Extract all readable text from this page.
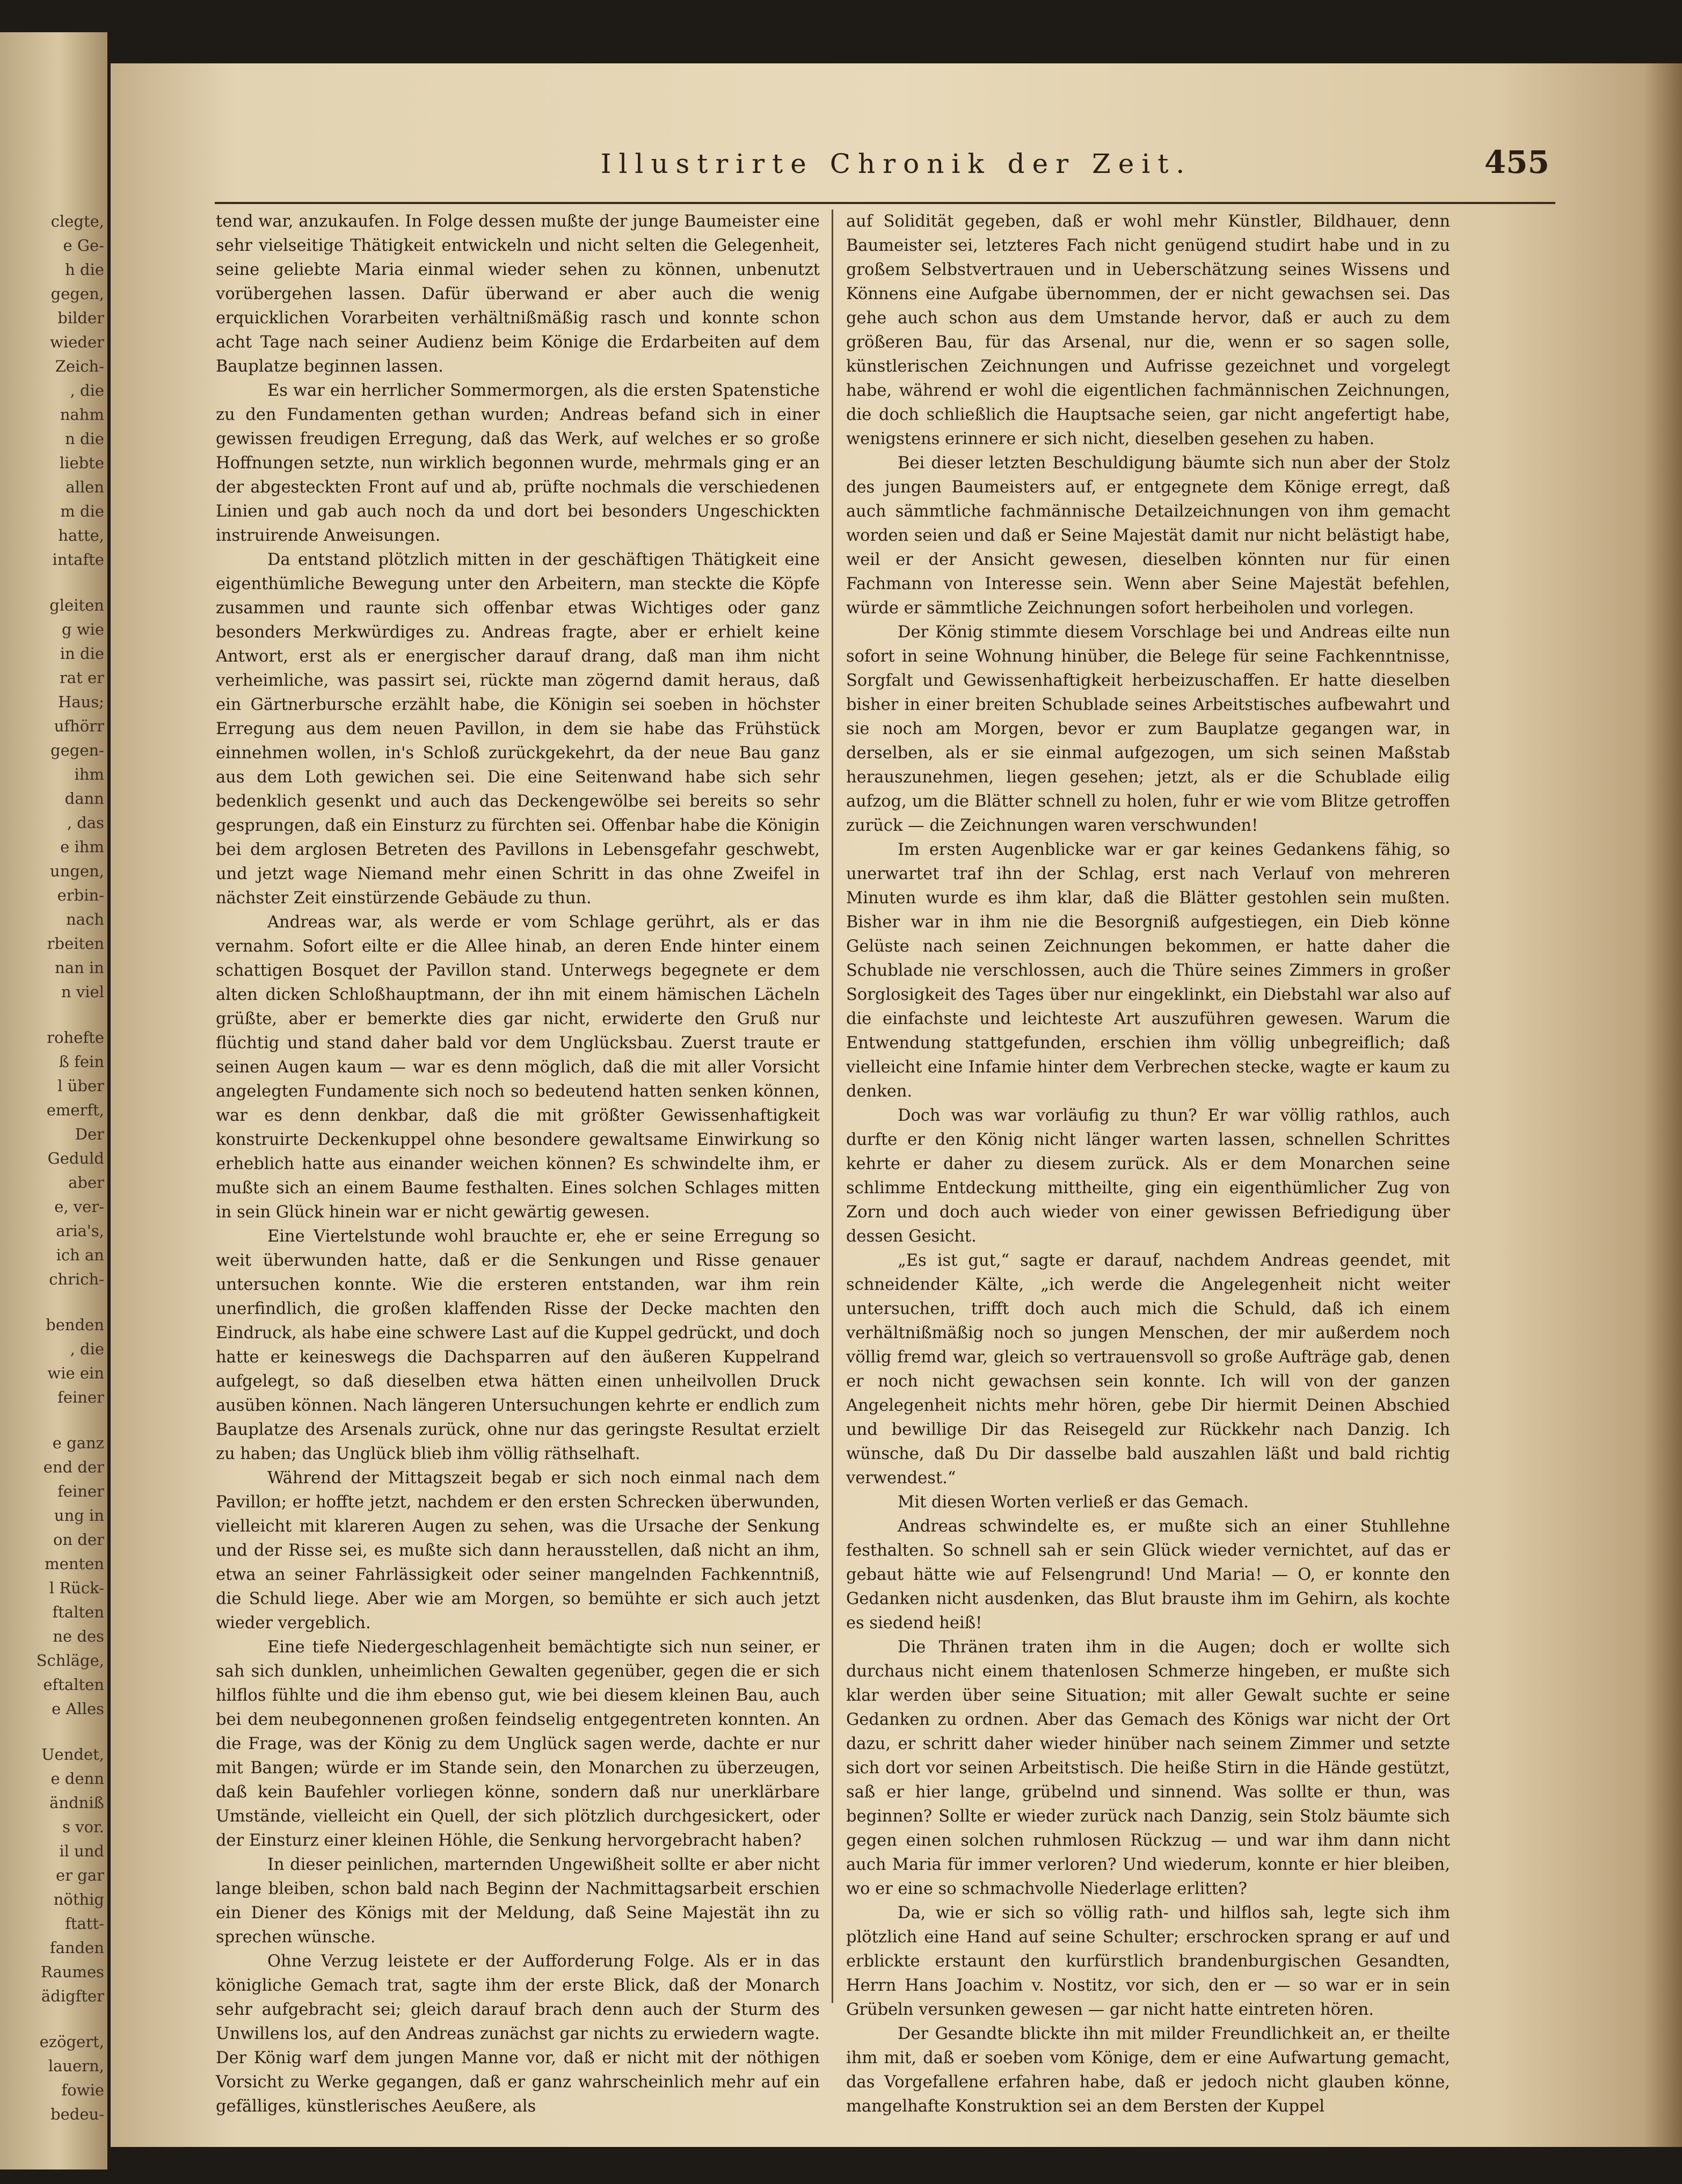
clegte,
e Ge-
h die
gegen,
bilder
wieder
Zeich-
, die
nahm
n die
liebte
allen
m die
hatte,
intafte
gleiten
g wie
in die
rat er
Haus;
ufhörr
gegen-
ihm
dann
, das
e ihm
ungen,
erbin-
nach
rbeiten
nan in
n viel
rohefte
ß fein
l über
emerft,
Der
Geduld
aber
e, ver-
aria's,
ich an
chrich-
benden
, die
wie ein
feiner
e ganz
end der
feiner
ung in
on der
menten
l Rück-
ftalten
ne des
Schläge,
eftalten
e Alles
Uendet,
e denn
ändniß
s vor.
il und
er gar
nöthig
ftatt-
fanden
Raumes
ädigfter
ezögert,
lauern,
fowie
bedeu-
Illustrirte Chronik der Zeit.	455

tend war, anzukaufen. In Folge dessen mußte der junge Baumeister eine sehr vielseitige Thätigkeit entwickeln und nicht selten die Gelegenheit, seine geliebte Maria einmal wieder sehen zu können, unbenutzt vorübergehen lassen. Dafür überwand er aber auch die wenig erquicklichen Vorarbeiten verhältnißmäßig rasch und konnte schon acht Tage nach seiner Audienz beim Könige die Erdarbeiten auf dem Bauplatze beginnen lassen.

Es war ein herrlicher Sommermorgen, als die ersten Spatenstiche zu den Fundamenten gethan wurden; Andreas befand sich in einer gewissen freudigen Erregung, daß das Werk, auf welches er so große Hoffnungen setzte, nun wirklich begonnen wurde, mehrmals ging er an der abgesteckten Front auf und ab, prüfte nochmals die verschiedenen Linien und gab auch noch da und dort bei besonders Ungeschickten instruirende Anweisungen.

Da entstand plötzlich mitten in der geschäftigen Thätigkeit eine eigenthümliche Bewegung unter den Arbeitern, man steckte die Köpfe zusammen und raunte sich offenbar etwas Wichtiges oder ganz besonders Merkwürdiges zu. Andreas fragte, aber er erhielt keine Antwort, erst als er energischer darauf drang, daß man ihm nicht verheimliche, was passirt sei, rückte man zögernd damit heraus, daß ein Gärtnerbursche erzählt habe, die Königin sei soeben in höchster Erregung aus dem neuen Pavillon, in dem sie habe das Frühstück einnehmen wollen, in's Schloß zurückgekehrt, da der neue Bau ganz aus dem Loth gewichen sei. Die eine Seitenwand habe sich sehr bedenklich gesenkt und auch das Deckengewölbe sei bereits so sehr gesprungen, daß ein Einsturz zu fürchten sei. Offenbar habe die Königin bei dem arglosen Betreten des Pavillons in Lebensgefahr geschwebt, und jetzt wage Niemand mehr einen Schritt in das ohne Zweifel in nächster Zeit einstürzende Gebäude zu thun.

Andreas war, als werde er vom Schlage gerührt, als er das vernahm. Sofort eilte er die Allee hinab, an deren Ende hinter einem schattigen Bosquet der Pavillon stand. Unterwegs begegnete er dem alten dicken Schloßhauptmann, der ihn mit einem hämischen Lächeln grüßte, aber er bemerkte dies gar nicht, erwiderte den Gruß nur flüchtig und stand daher bald vor dem Unglücksbau. Zuerst traute er seinen Augen kaum — war es denn möglich, daß die mit aller Vorsicht angelegten Fundamente sich noch so bedeutend hatten senken können, war es denn denkbar, daß die mit größter Gewissenhaftigkeit konstruirte Deckenkuppel ohne besondere gewaltsame Einwirkung so erheblich hatte aus einander weichen können? Es schwindelte ihm, er mußte sich an einem Baume festhalten. Eines solchen Schlages mitten in sein Glück hinein war er nicht gewärtig gewesen.

Eine Viertelstunde wohl brauchte er, ehe er seine Erregung so weit überwunden hatte, daß er die Senkungen und Risse genauer untersuchen konnte. Wie die ersteren entstanden, war ihm rein unerfindlich, die großen klaffenden Risse der Decke machten den Eindruck, als habe eine schwere Last auf die Kuppel gedrückt, und doch hatte er keineswegs die Dachsparren auf den äußeren Kuppelrand aufgelegt, so daß dieselben etwa hätten einen unheilvollen Druck ausüben können. Nach längeren Untersuchungen kehrte er endlich zum Bauplatze des Arsenals zurück, ohne nur das geringste Resultat erzielt zu haben; das Unglück blieb ihm völlig räthselhaft.

Während der Mittagszeit begab er sich noch einmal nach dem Pavillon; er hoffte jetzt, nachdem er den ersten Schrecken überwunden, vielleicht mit klareren Augen zu sehen, was die Ursache der Senkung und der Risse sei, es mußte sich dann herausstellen, daß nicht an ihm, etwa an seiner Fahrlässigkeit oder seiner mangelnden Fachkenntniß, die Schuld liege. Aber wie am Morgen, so bemühte er sich auch jetzt wieder vergeblich.

Eine tiefe Niedergeschlagenheit bemächtigte sich nun seiner, er sah sich dunklen, unheimlichen Gewalten gegenüber, gegen die er sich hilflos fühlte und die ihm ebenso gut, wie bei diesem kleinen Bau, auch bei dem neubegonnenen großen feindselig entgegentreten konnten. An die Frage, was der König zu dem Unglück sagen werde, dachte er nur mit Bangen; würde er im Stande sein, den Monarchen zu überzeugen, daß kein Baufehler vorliegen könne, sondern daß nur unerklärbare Umstände, vielleicht ein Quell, der sich plötzlich durchgesickert, oder der Einsturz einer kleinen Höhle, die Senkung hervorgebracht haben?

In dieser peinlichen, marternden Ungewißheit sollte er aber nicht lange bleiben, schon bald nach Beginn der Nachmittagsarbeit erschien ein Diener des Königs mit der Meldung, daß Seine Majestät ihn zu sprechen wünsche.

Ohne Verzug leistete er der Aufforderung Folge. Als er in das königliche Gemach trat, sagte ihm der erste Blick, daß der Monarch sehr aufgebracht sei; gleich darauf brach denn auch der Sturm des Unwillens los, auf den Andreas zunächst gar nichts zu erwiedern wagte. Der König warf dem jungen Manne vor, daß er nicht mit der nöthigen Vorsicht zu Werke gegangen, daß er ganz wahrscheinlich mehr auf ein gefälliges, künstlerisches Aeußere, als

auf Solidität gegeben, daß er wohl mehr Künstler, Bildhauer, denn Baumeister sei, letzteres Fach nicht genügend studirt habe und in zu großem Selbstvertrauen und in Ueberschätzung seines Wissens und Könnens eine Aufgabe übernommen, der er nicht gewachsen sei. Das gehe auch schon aus dem Umstande hervor, daß er auch zu dem größeren Bau, für das Arsenal, nur die, wenn er so sagen solle, künstlerischen Zeichnungen und Aufrisse gezeichnet und vorgelegt habe, während er wohl die eigentlichen fachmännischen Zeichnungen, die doch schließlich die Hauptsache seien, gar nicht angefertigt habe, wenigstens erinnere er sich nicht, dieselben gesehen zu haben.

Bei dieser letzten Beschuldigung bäumte sich nun aber der Stolz des jungen Baumeisters auf, er entgegnete dem Könige erregt, daß auch sämmtliche fachmännische Detailzeichnungen von ihm gemacht worden seien und daß er Seine Majestät damit nur nicht belästigt habe, weil er der Ansicht gewesen, dieselben könnten nur für einen Fachmann von Interesse sein. Wenn aber Seine Majestät befehlen, würde er sämmtliche Zeichnungen sofort herbeiholen und vorlegen.

Der König stimmte diesem Vorschlage bei und Andreas eilte nun sofort in seine Wohnung hinüber, die Belege für seine Fachkenntnisse, Sorgfalt und Gewissenhaftigkeit herbeizuschaffen. Er hatte dieselben bisher in einer breiten Schublade seines Arbeitstisches aufbewahrt und sie noch am Morgen, bevor er zum Bauplatze gegangen war, in derselben, als er sie einmal aufgezogen, um sich seinen Maßstab herauszunehmen, liegen gesehen; jetzt, als er die Schublade eilig aufzog, um die Blätter schnell zu holen, fuhr er wie vom Blitze getroffen zurück — die Zeichnungen waren verschwunden!

Im ersten Augenblicke war er gar keines Gedankens fähig, so unerwartet traf ihn der Schlag, erst nach Verlauf von mehreren Minuten wurde es ihm klar, daß die Blätter gestohlen sein mußten. Bisher war in ihm nie die Besorgniß aufgestiegen, ein Dieb könne Gelüste nach seinen Zeichnungen bekommen, er hatte daher die Schublade nie verschlossen, auch die Thüre seines Zimmers in großer Sorglosigkeit des Tages über nur eingeklinkt, ein Diebstahl war also auf die einfachste und leichteste Art auszuführen gewesen. Warum die Entwendung stattgefunden, erschien ihm völlig unbegreiflich; daß vielleicht eine Infamie hinter dem Verbrechen stecke, wagte er kaum zu denken.

Doch was war vorläufig zu thun? Er war völlig rathlos, auch durfte er den König nicht länger warten lassen, schnellen Schrittes kehrte er daher zu diesem zurück. Als er dem Monarchen seine schlimme Entdeckung mittheilte, ging ein eigenthümlicher Zug von Zorn und doch auch wieder von einer gewissen Befriedigung über dessen Gesicht.

„Es ist gut,“ sagte er darauf, nachdem Andreas geendet, mit schneidender Kälte, „ich werde die Angelegenheit nicht weiter untersuchen, trifft doch auch mich die Schuld, daß ich einem verhältnißmäßig noch so jungen Menschen, der mir außerdem noch völlig fremd war, gleich so vertrauensvoll so große Aufträge gab, denen er noch nicht gewachsen sein konnte. Ich will von der ganzen Angelegenheit nichts mehr hören, gebe Dir hiermit Deinen Abschied und bewillige Dir das Reisegeld zur Rückkehr nach Danzig. Ich wünsche, daß Du Dir dasselbe bald auszahlen läßt und bald richtig verwendest.“

Mit diesen Worten verließ er das Gemach.

Andreas schwindelte es, er mußte sich an einer Stuhllehne festhalten. So schnell sah er sein Glück wieder vernichtet, auf das er gebaut hätte wie auf Felsengrund! Und Maria! — O, er konnte den Gedanken nicht ausdenken, das Blut brauste ihm im Gehirn, als kochte es siedend heiß!

Die Thränen traten ihm in die Augen; doch er wollte sich durchaus nicht einem thatenlosen Schmerze hingeben, er mußte sich klar werden über seine Situation; mit aller Gewalt suchte er seine Gedanken zu ordnen. Aber das Gemach des Königs war nicht der Ort dazu, er schritt daher wieder hinüber nach seinem Zimmer und setzte sich dort vor seinen Arbeitstisch. Die heiße Stirn in die Hände gestützt, saß er hier lange, grübelnd und sinnend. Was sollte er thun, was beginnen? Sollte er wieder zurück nach Danzig, sein Stolz bäumte sich gegen einen solchen ruhmlosen Rückzug — und war ihm dann nicht auch Maria für immer verloren? Und wiederum, konnte er hier bleiben, wo er eine so schmachvolle Niederlage erlitten?

Da, wie er sich so völlig rath- und hilflos sah, legte sich ihm plötzlich eine Hand auf seine Schulter; erschrocken sprang er auf und erblickte erstaunt den kurfürstlich brandenburgischen Gesandten, Herrn Hans Joachim v. Nostitz, vor sich, den er — so war er in sein Grübeln versunken gewesen — gar nicht hatte eintreten hören.

Der Gesandte blickte ihn mit milder Freundlichkeit an, er theilte ihm mit, daß er soeben vom Könige, dem er eine Aufwartung gemacht, das Vorgefallene erfahren habe, daß er jedoch nicht glauben könne, mangelhafte Konstruktion sei an dem Bersten der Kuppel
